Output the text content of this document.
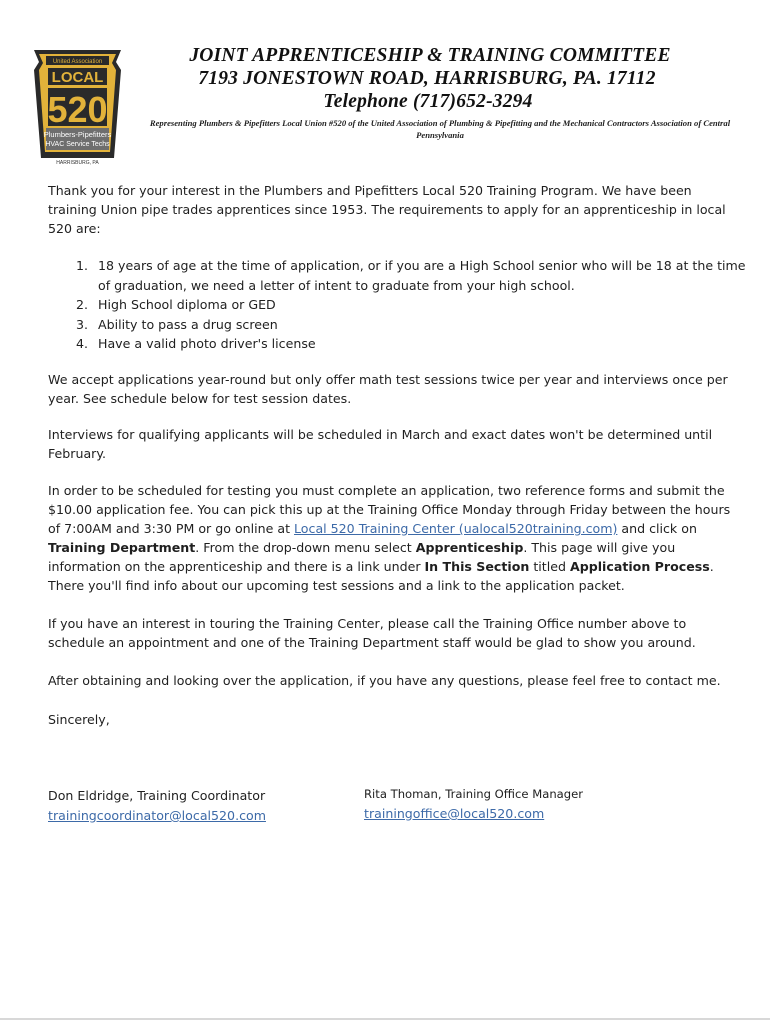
United Association
LOCAL
520
Plumbers-Pipefitters
HVAC Service Techs
HARRISBURG, PA
JOINT APPRENTICESHIP & TRAINING COMMITTEE
7193 JONESTOWN ROAD, HARRISBURG, PA. 17112
Telephone (717)652-3294
Representing Plumbers & Pipefitters Local Union #520 of the United Association of Plumbing & Pipefitting and the Mechanical Contractors Association of Central Pennsylvania
Thank you for your interest in the Plumbers and Pipefitters Local 520 Training Program. We have been training Union pipe trades apprentices since 1953. The requirements to apply for an apprenticeship in local 520 are:
1. 18 years of age at the time of application, or if you are a High School senior who will be 18 at the time of graduation, we need a letter of intent to graduate from your high school.
2. High School diploma or GED
3. Ability to pass a drug screen
4. Have a valid photo driver's license
We accept applications year-round but only offer math test sessions twice per year and interviews once per year. See schedule below for test session dates.
Interviews for qualifying applicants will be scheduled in March and exact dates won't be determined until February.
In order to be scheduled for testing you must complete an application, two reference forms and submit the $10.00 application fee. You can pick this up at the Training Office Monday through Friday between the hours of 7:00AM and 3:30 PM or go online at Local 520 Training Center (ualocal520training.com) and click on Training Department. From the drop-down menu select Apprenticeship. This page will give you information on the apprenticeship and there is a link under In This Section titled Application Process. There you'll find info about our upcoming test sessions and a link to the application packet.
If you have an interest in touring the Training Center, please call the Training Office number above to schedule an appointment and one of the Training Department staff would be glad to show you around.
After obtaining and looking over the application, if you have any questions, please feel free to contact me.
Sincerely,
Don Eldridge, Training Coordinator
trainingcoordinator@local520.com
Rita Thoman, Training Office Manager
trainingoffice@local520.com
